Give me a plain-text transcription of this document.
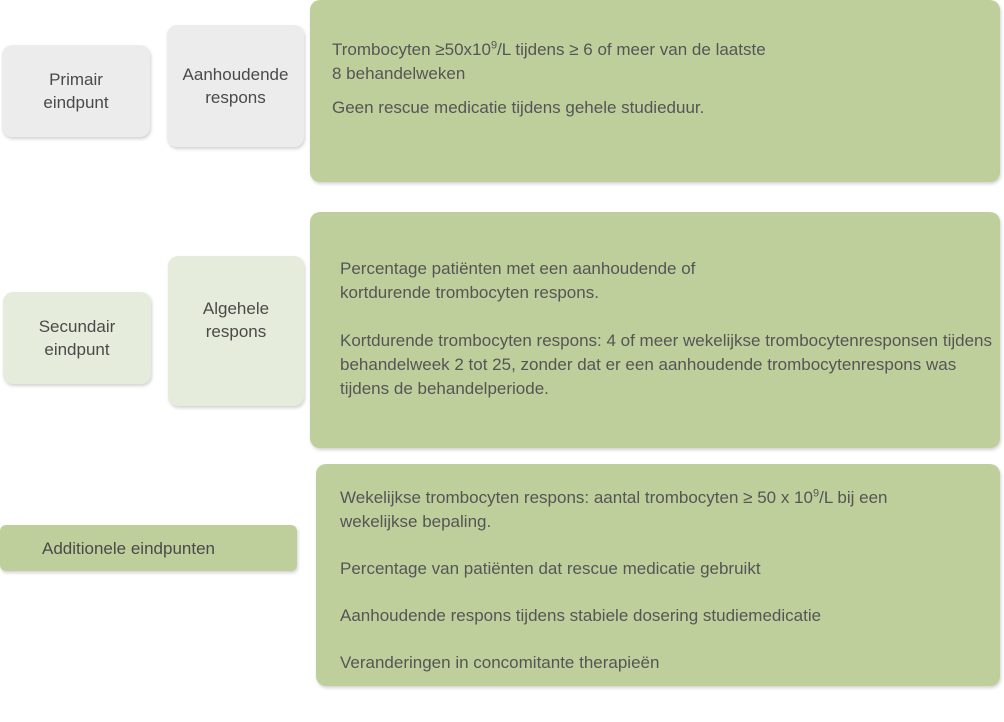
Primair eindpunt
Aanhoudende respons

Trombocyten $\ge 50x10^9/L$ tijdens ≥ 6 of meer van de laatste 8 behandelweken

Geen rescue medicatie tijdens gehele studieduur.

Secundair eindpunt
Algehele respons

Percentage patiënten met een aanhoudende of kortdurende trombocyten respons.

Kortdurende trombocyten respons: 4 of meer wekelijkse trombocytenresponsen tijdens behandelweek 2 tot 25, zonder dat er een aanhoudende trombocytenrespons was tijdens de behandelperiode.

Additionele eindpunten

Wekelijkse trombocyten respons: aantal trombocyten ≥ 50 x $10^9/L$ bij een wekelijkse bepaling.

Percentage van patiënten dat rescue medicatie gebruikt

Aanhoudende respons tijdens stabiele dosering studiemedicatie

Veranderingen in concomitante therapieën
